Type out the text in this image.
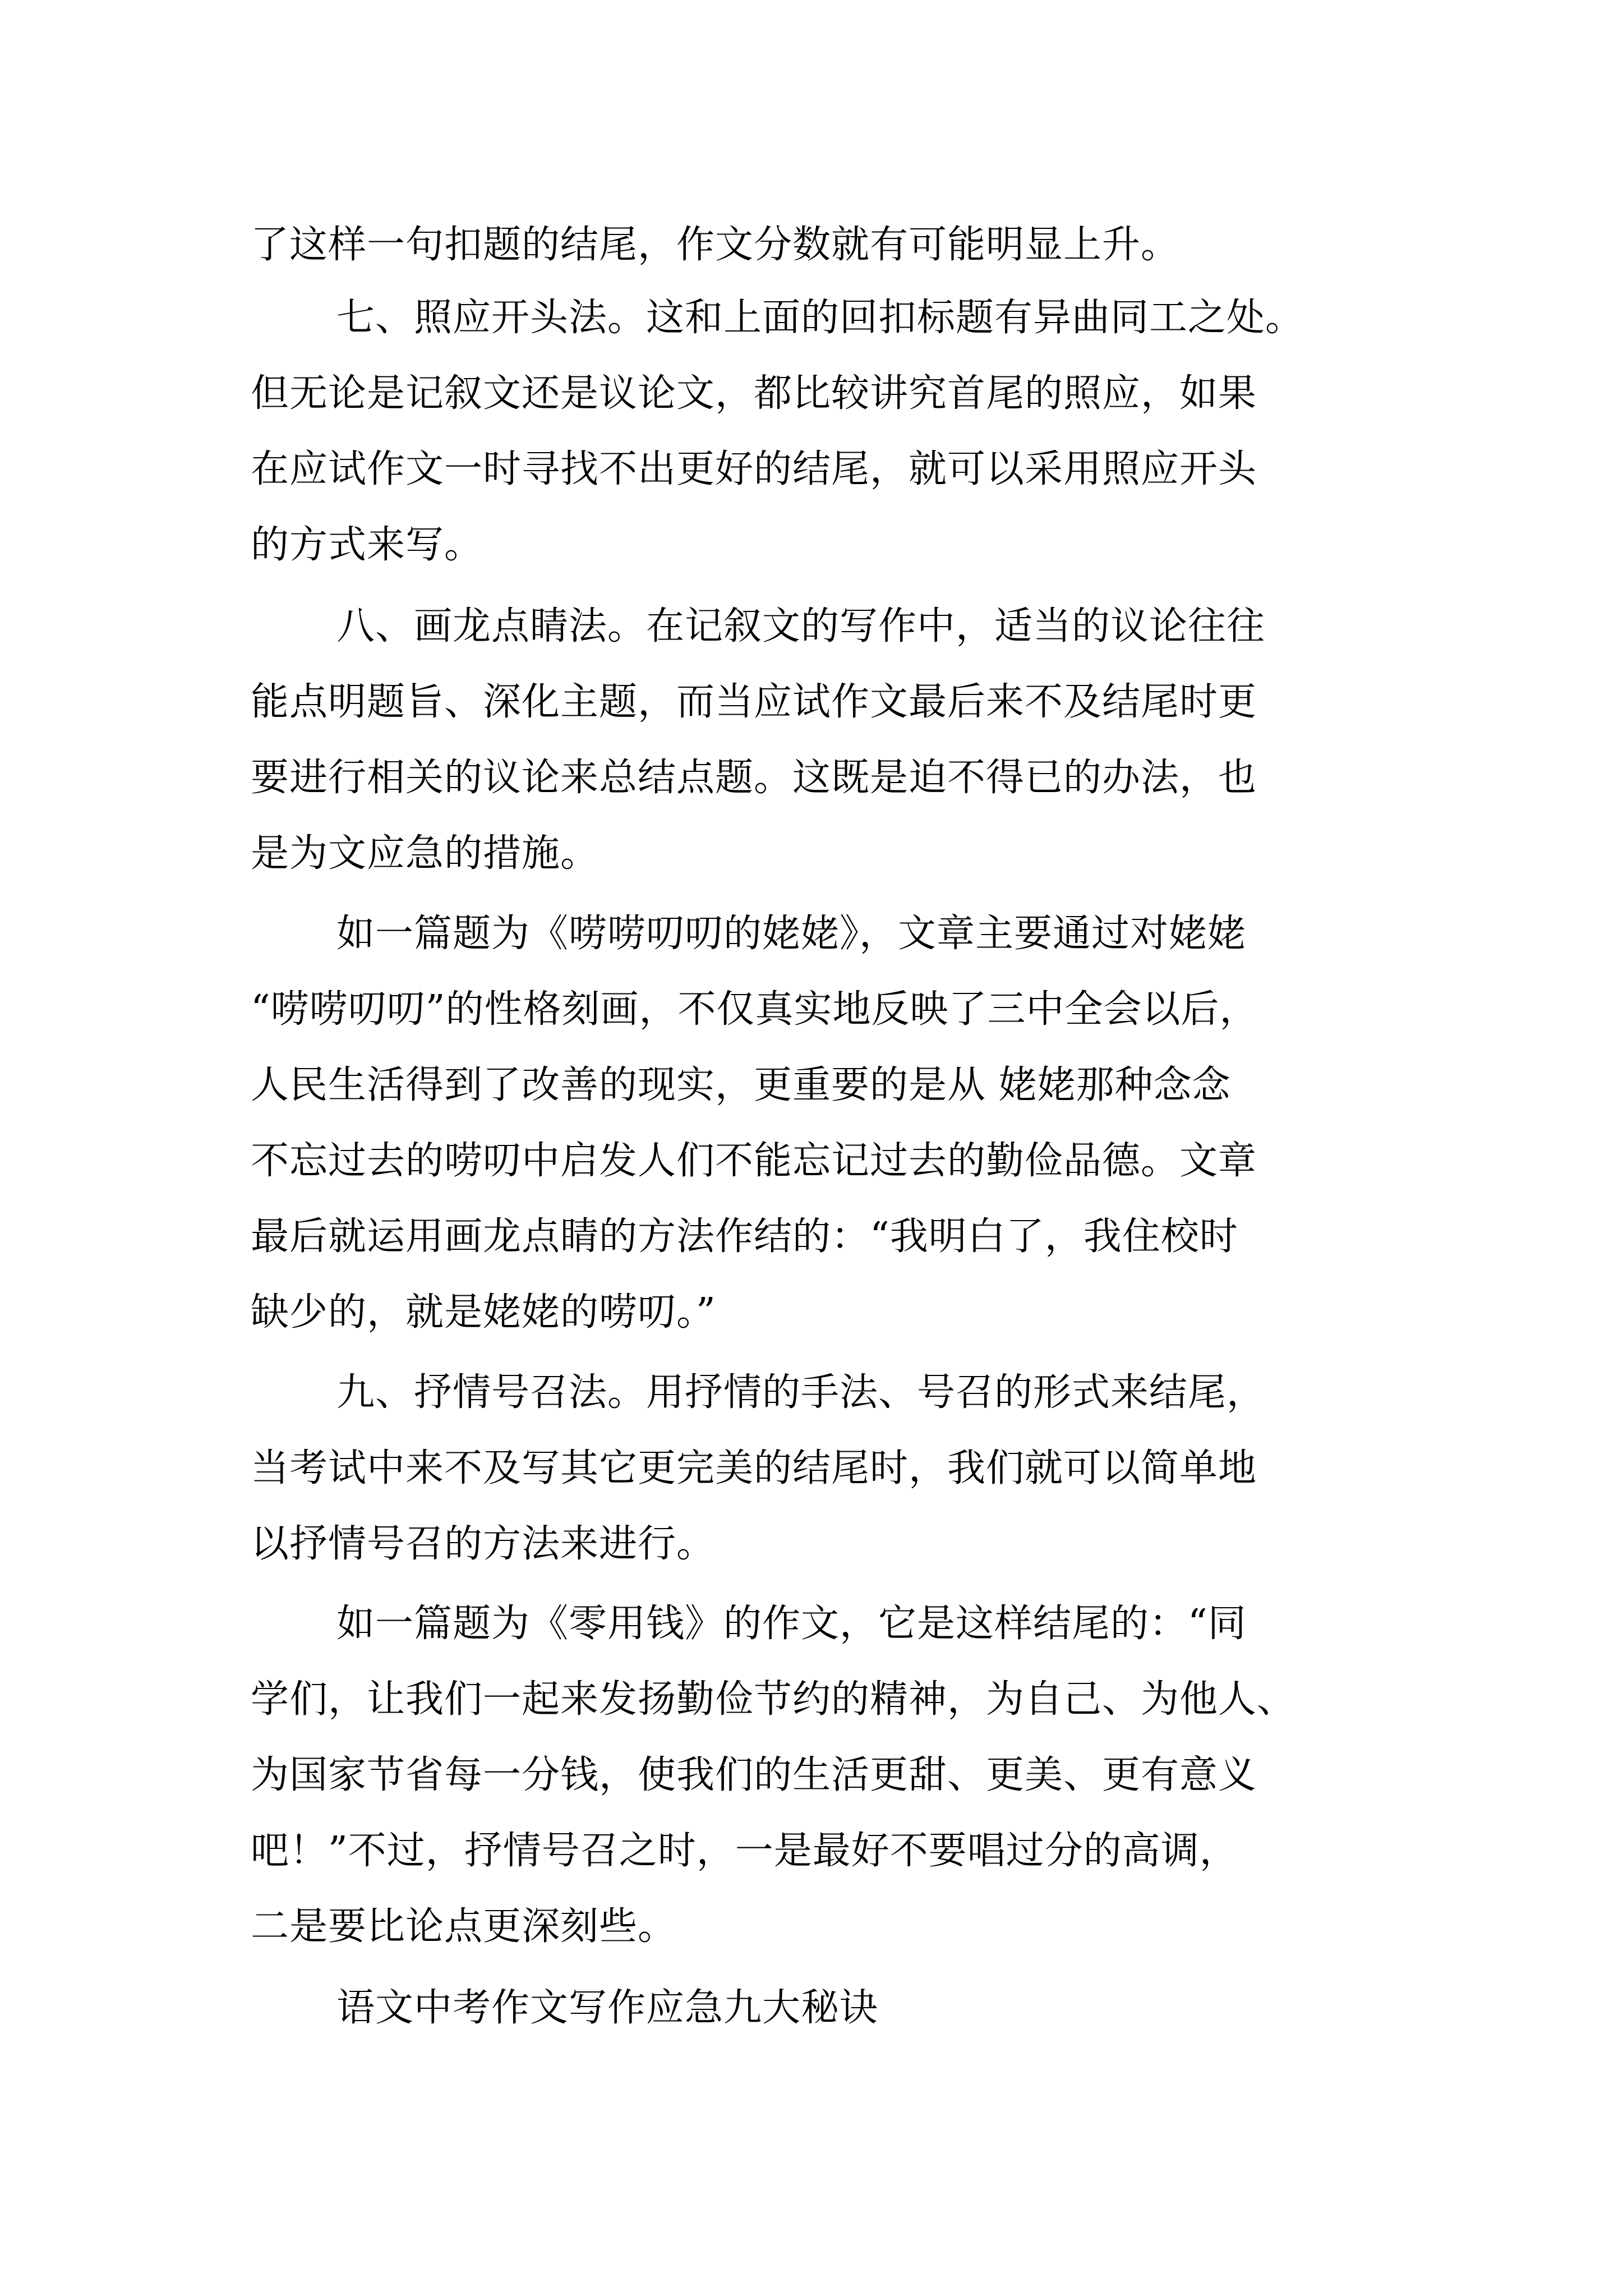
了这样一句扣题的结尾，作文分数就有可能明显上升。

七、照应开头法。这和上面的回扣标题有异曲同工之处。

但无论是记叙文还是议论文，都比较讲究首尾的照应，如果

在应试作文一时寻找不出更好的结尾，就可以采用照应开头

的方式来写。

八、画龙点睛法。在记叙文的写作中，适当的议论往往

能点明题旨、深化主题，而当应试作文最后来不及结尾时更

要进行相关的议论来总结点题。这既是迫不得已的办法，也

是为文应急的措施。

如一篇题为《唠唠叨叨的姥姥》，文章主要通过对姥姥

“唠唠叨叨”的性格刻画，不仅真实地反映了三中全会以后，

人民生活得到了改善的现实，更重要的是从 姥姥那种念念

不忘过去的唠叨中启发人们不能忘记过去的勤俭品德。文章

最后就运用画龙点睛的方法作结的：“我明白了，我住校时

缺少的，就是姥姥的唠叨。”

九、抒情号召法。用抒情的手法、号召的形式来结尾，

当考试中来不及写其它更完美的结尾时，我们就可以简单地

以抒情号召的方法来进行。

如一篇题为《零用钱》的作文，它是这样结尾的：“同

学们，让我们一起来发扬勤俭节约的精神，为自己、为他人、

为国家节省每一分钱，使我们的生活更甜、更美、更有意义

吧！”不过，抒情号召之时，一是最好不要唱过分的高调，

二是要比论点更深刻些。

语文中考作文写作应急九大秘诀
